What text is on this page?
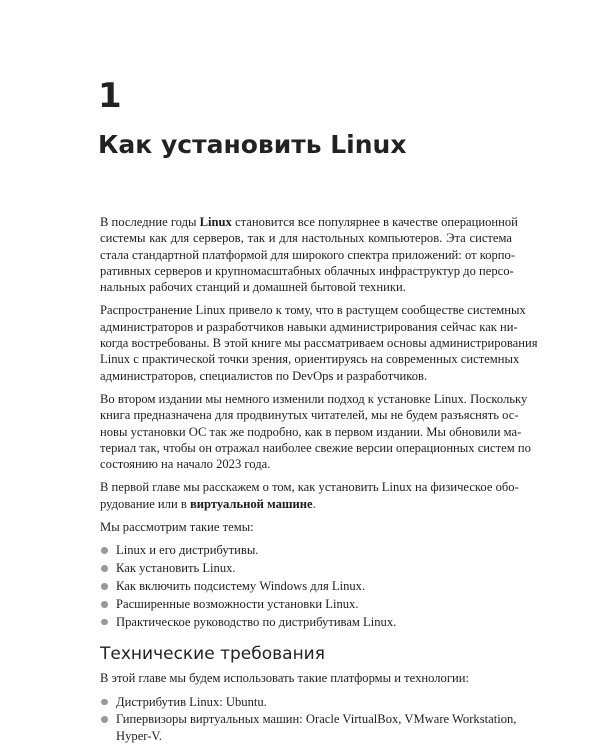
1
Как установить Linux
В последние годы Linux становится все популярнее в качестве операционной
системы как для серверов, так и для настольных компьютеров. Эта система
стала стандартной платформой для широкого спектра приложений: от корпо-
ративных серверов и крупномасштабных облачных инфраструктур до персо-
нальных рабочих станций и домашней бытовой техники.
Распространение Linux привело к тому, что в растущем сообществе системных
администраторов и разработчиков навыки администрирования сейчас как ни-
когда востребованы. В этой книге мы рассматриваем основы администрирования
Linux с практической точки зрения, ориентируясь на современных системных
администраторов, специалистов по DevOps и разработчиков.
Во втором издании мы немного изменили подход к установке Linux. Поскольку
книга предназначена для продвинутых читателей, мы не будем разъяснять ос-
новы установки ОС так же подробно, как в первом издании. Мы обновили ма-
териал так, чтобы он отражал наиболее свежие версии операционных систем по
состоянию на начало 2023 года.
В первой главе мы расскажем о том, как установить Linux на физическое обо-
рудование или в виртуальной машине.
Мы рассмотрим такие темы:
Linux и его дистрибутивы.
Как установить Linux.
Как включить подсистему Windows для Linux.
Расширенные возможности установки Linux.
Практическое руководство по дистрибутивам Linux.
Технические требования
В этой главе мы будем использовать такие платформы и технологии:
Дистрибутив Linux: Ubuntu.
Гипервизоры виртуальных машин: Oracle VirtualBox, VMware Workstation,
Hyper-V.
